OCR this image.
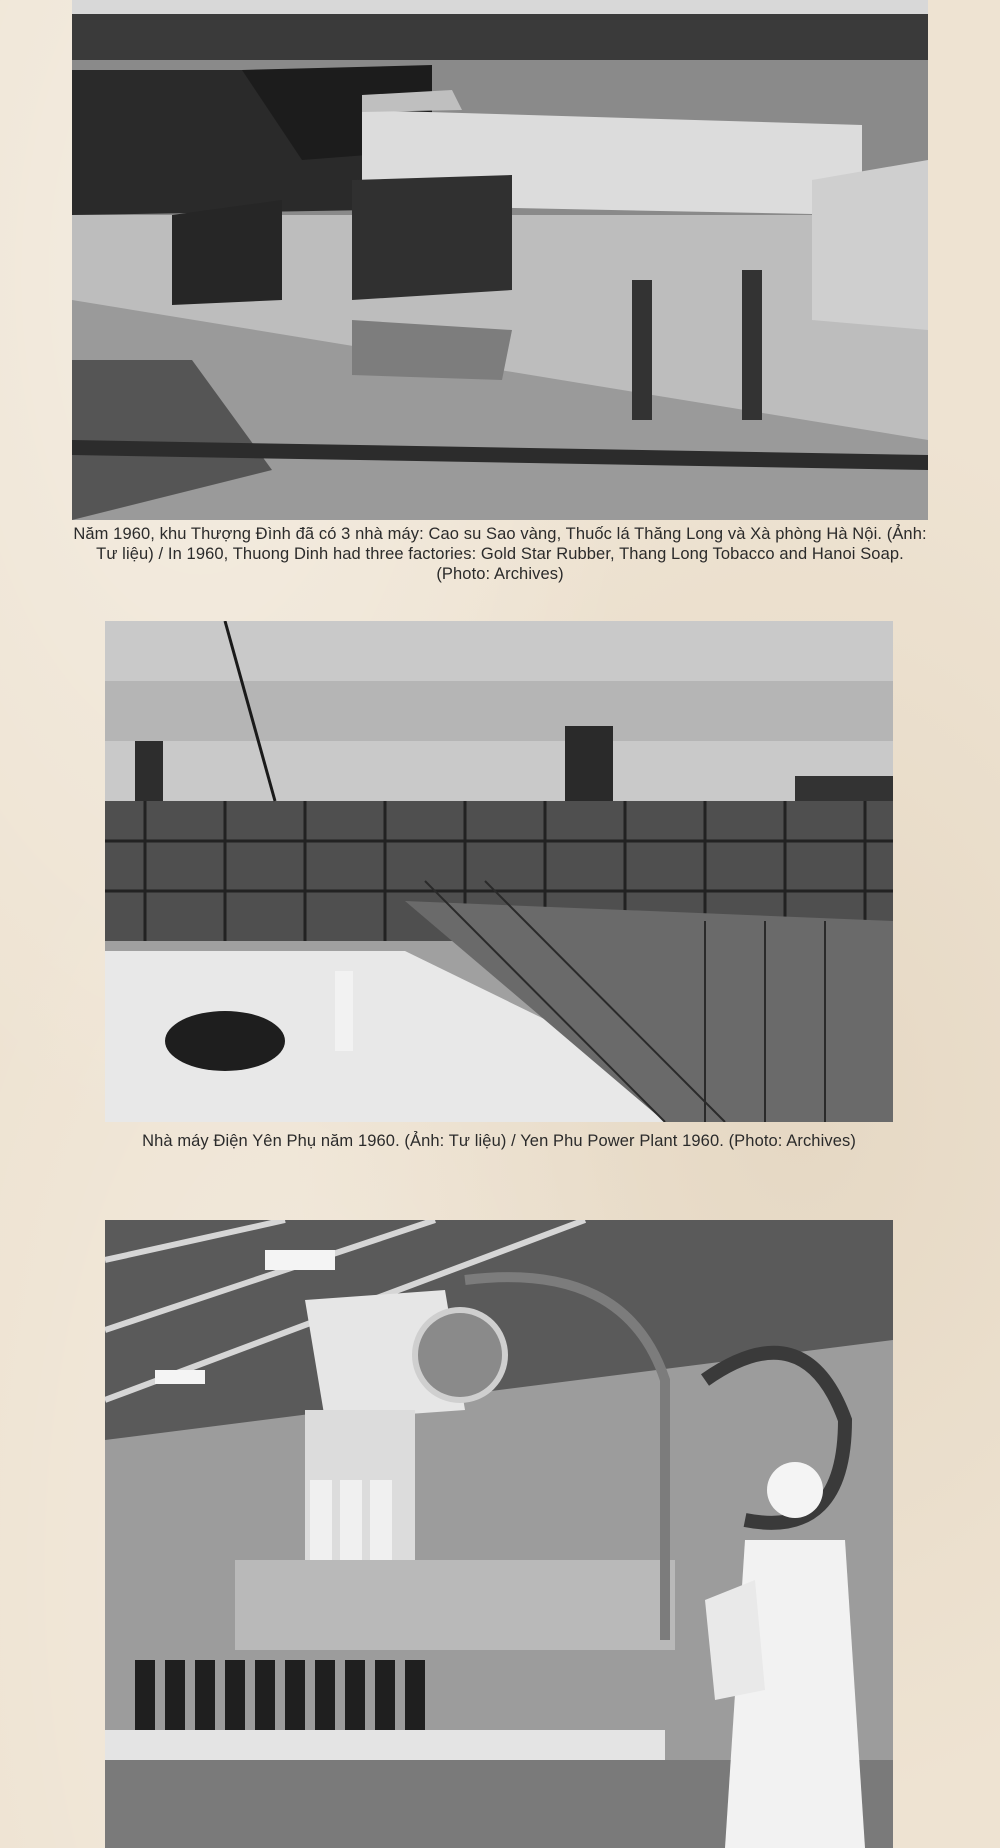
Năm 1960, khu Thượng Đình đã có 3 nhà máy: Cao su Sao vàng, Thuốc lá Thăng Long và Xà phòng Hà Nội. (Ảnh: Tư liệu) / In 1960, Thuong Dinh had three factories: Gold Star Rubber, Thang Long Tobacco and Hanoi Soap. (Photo: Archives)

Nhà máy Điện Yên Phụ năm 1960. (Ảnh: Tư liệu) / Yen Phu Power Plant 1960. (Photo: Archives)
